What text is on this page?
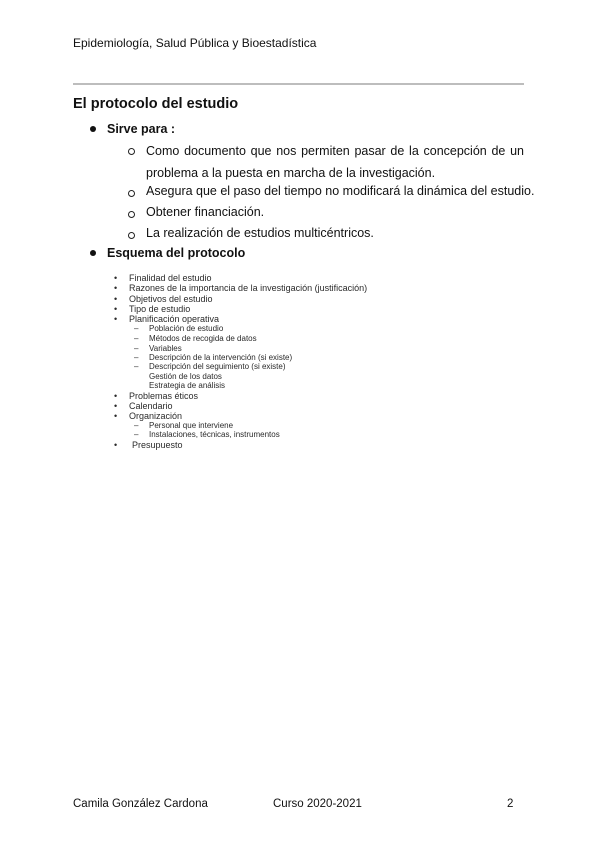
Epidemiología, Salud Pública y Bioestadística
El protocolo del estudio
Sirve para :
Como documento que nos permiten pasar de la concepción de un problema a la puesta en marcha de la investigación.
Asegura que el paso del tiempo no modificará la dinámica del estudio.
Obtener financiación.
La realización de estudios multicéntricos.
Esquema del protocolo
• Finalidad del estudio
• Razones de la importancia de la investigación (justificación)
• Objetivos del estudio
• Tipo de estudio
• Planificación operativa
– Población de estudio
– Métodos de recogida de datos
– Variables
– Descripción de la intervención (si existe)
– Descripción del seguimiento (si existe)
Gestión de los datos
Estrategia de análisis
• Problemas éticos
• Calendario
• Organización
– Personal que interviene
– Instalaciones, técnicas, instrumentos
• Presupuesto
Camila González Cardona	Curso 2020-2021	2
